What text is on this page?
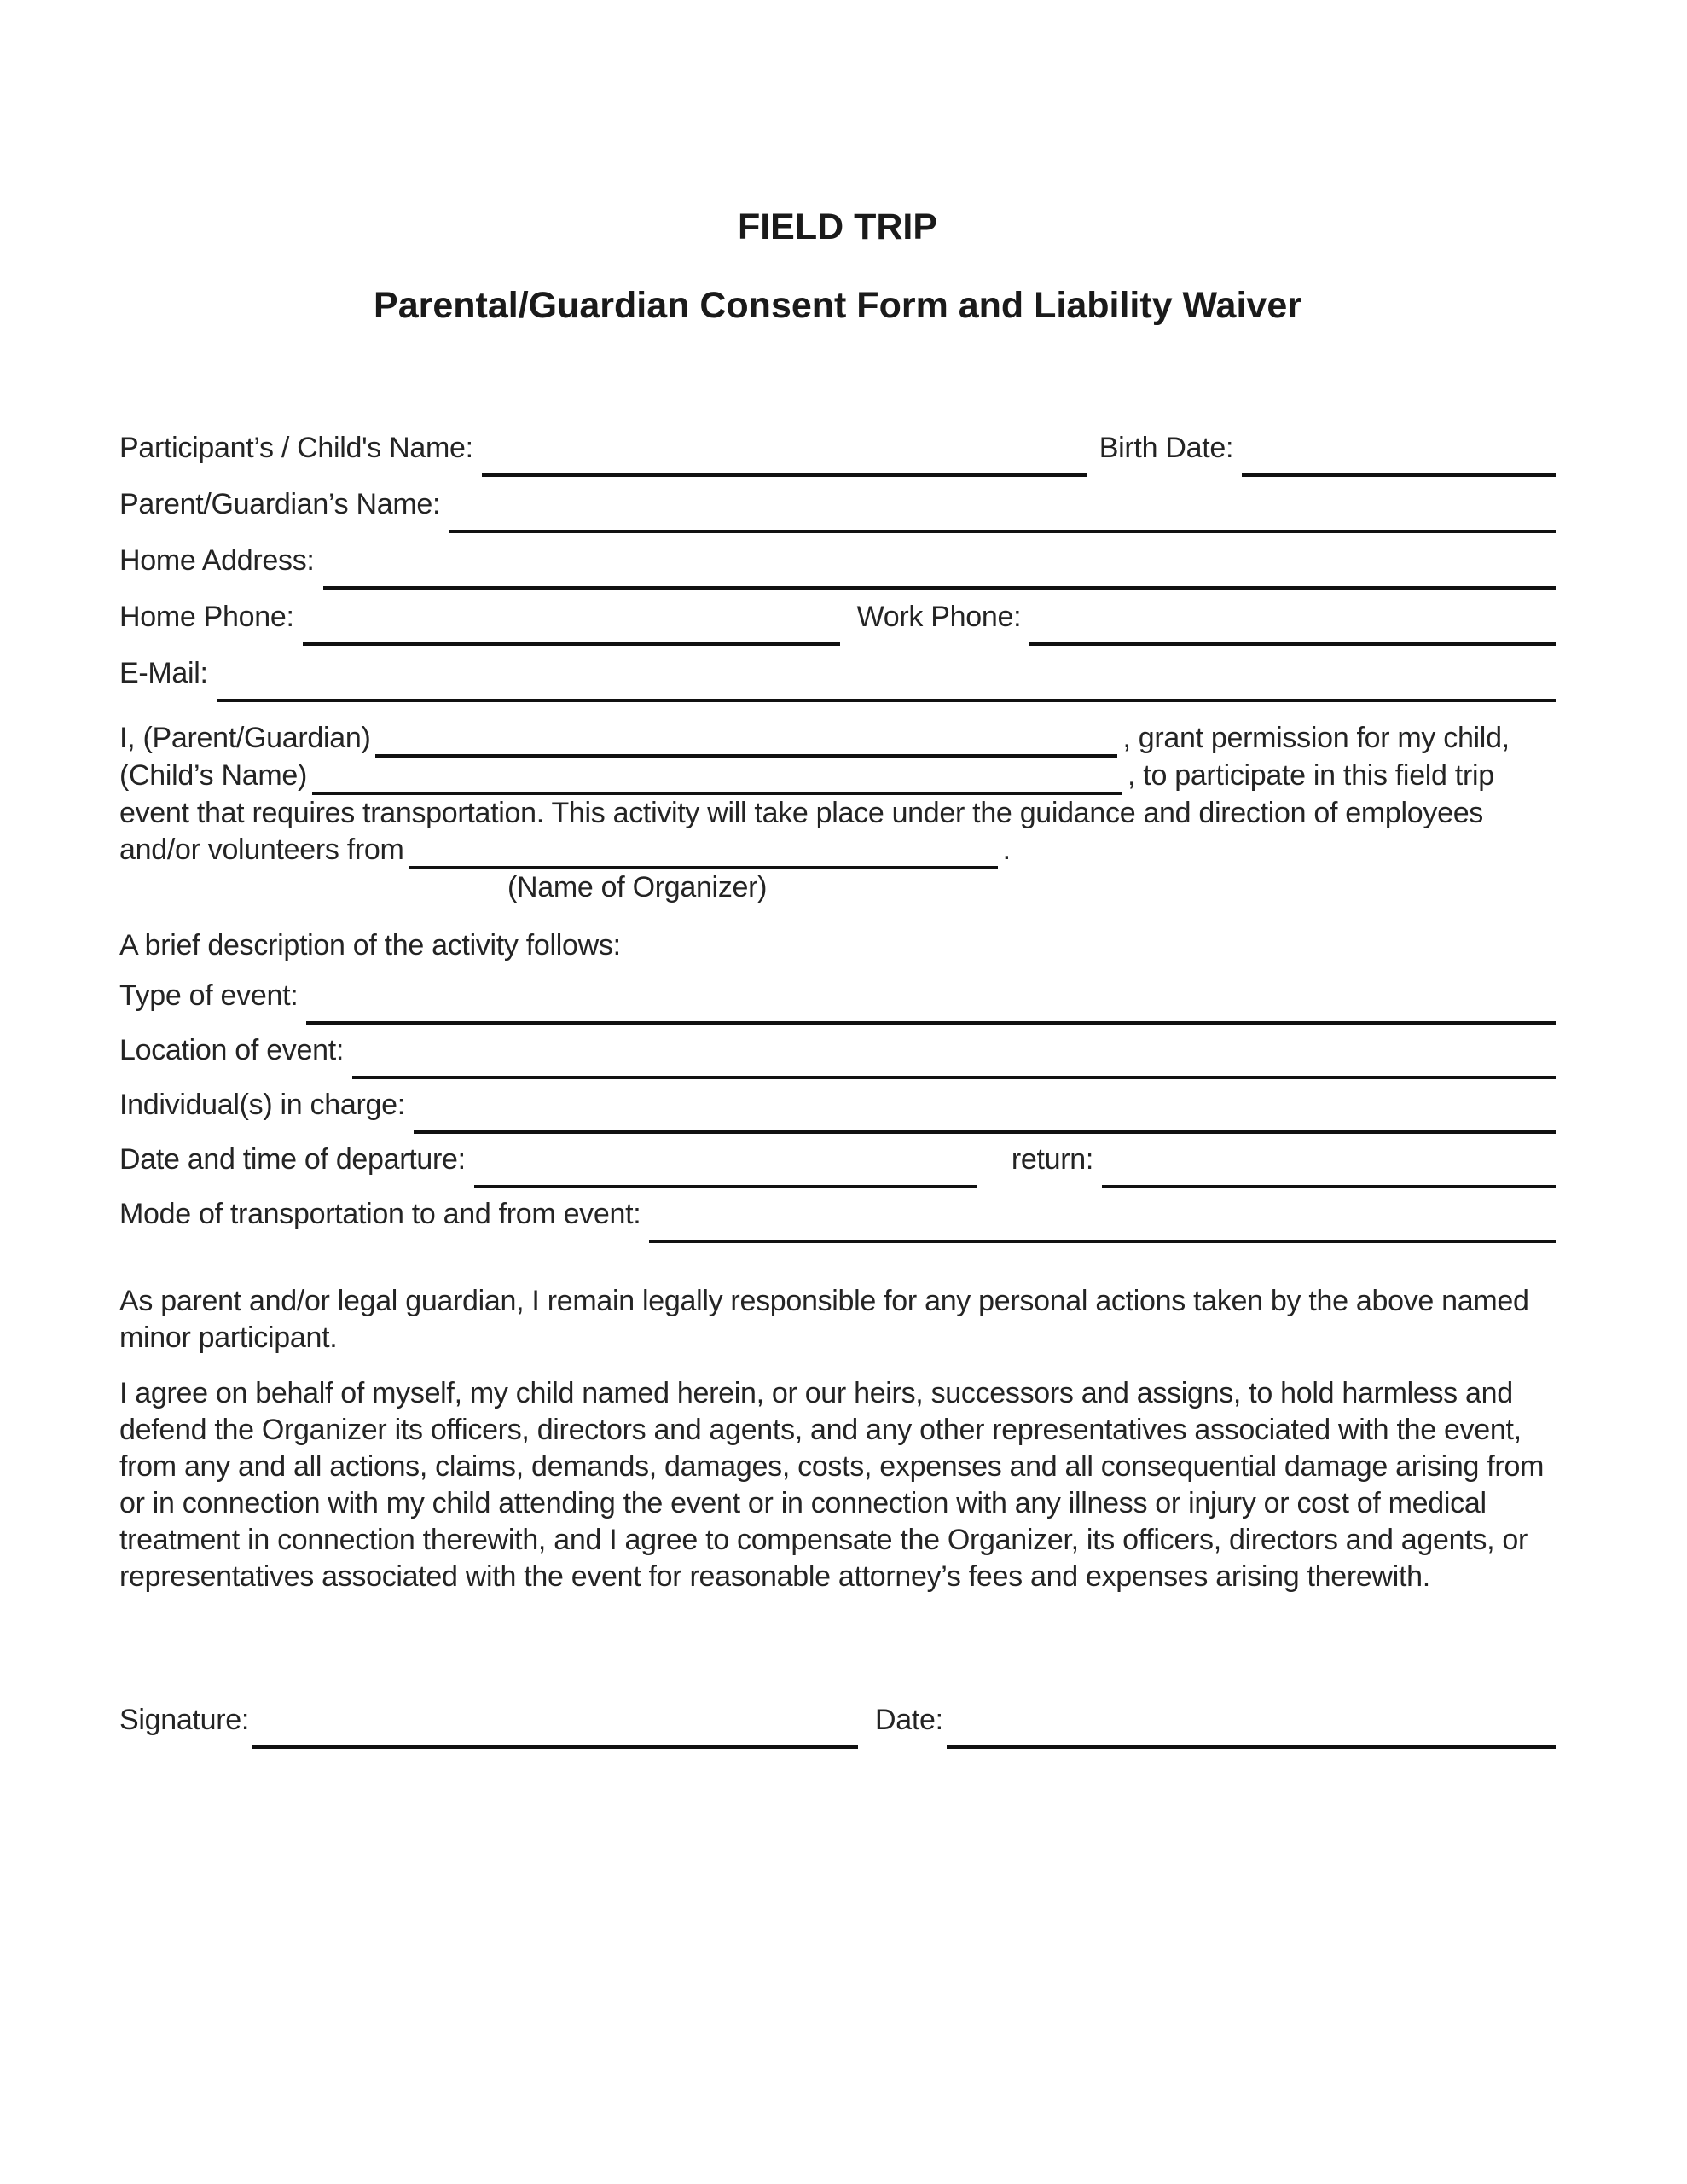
FIELD TRIP
Parental/Guardian Consent Form and Liability Waiver
Participant’s / Child's Name:	Birth Date:
Parent/Guardian’s Name:
Home Address:
Home Phone:	Work Phone:
E-Mail:
I, (Parent/Guardian)	, grant permission for my child,
(Child’s Name)	, to participate in this field trip
event that requires transportation. This activity will take place under the guidance and direction of employees
and/or volunteers from	.
(Name of Organizer)
A brief description of the activity follows:
Type of event:
Location of event:
Individual(s) in charge:
Date and time of departure:	return:
Mode of transportation to and from event:
As parent and/or legal guardian, I remain legally responsible for any personal actions taken by the above named minor participant.
I agree on behalf of myself, my child named herein, or our heirs, successors and assigns, to hold harmless and defend the Organizer its officers, directors and agents, and any other representatives associated with the event, from any and all actions, claims, demands, damages, costs, expenses and all consequential damage arising from or in connection with my child attending the event or in connection with any illness or injury or cost of medical treatment in connection therewith, and I agree to compensate the Organizer, its officers, directors and agents, or representatives associated with the event for reasonable attorney’s fees and expenses arising therewith.
Signature:	Date:
